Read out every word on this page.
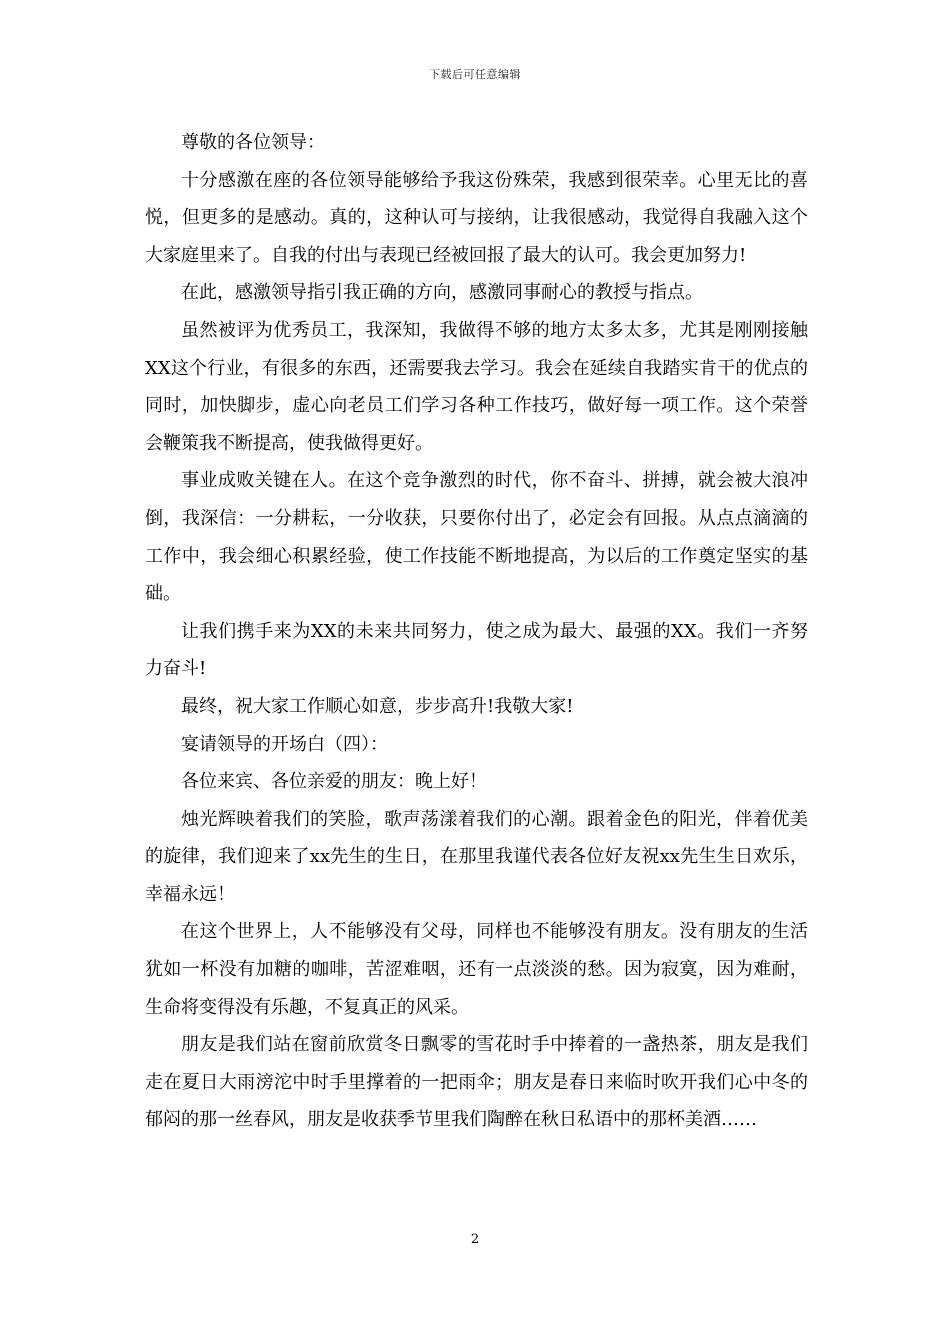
下载后可任意编辑

尊敬的各位领导：

十分感激在座的各位领导能够给予我这份殊荣，我感到很荣幸。心里无比的喜悦，但更多的是感动。真的，这种认可与接纳，让我很感动，我觉得自我融入这个大家庭里来了。自我的付出与表现已经被回报了最大的认可。我会更加努力!

在此，感激领导指引我正确的方向，感激同事耐心的教授与指点。

虽然被评为优秀员工，我深知，我做得不够的地方太多太多，尤其是刚刚接触XX这个行业，有很多的东西，还需要我去学习。我会在延续自我踏实肯干的优点的同时，加快脚步，虚心向老员工们学习各种工作技巧，做好每一项工作。这个荣誉会鞭策我不断提高，使我做得更好。

事业成败关键在人。在这个竞争激烈的时代，你不奋斗、拼搏，就会被大浪冲倒，我深信：一分耕耘，一分收获，只要你付出了，必定会有回报。从点点滴滴的工作中，我会细心积累经验，使工作技能不断地提高，为以后的工作奠定坚实的基础。

让我们携手来为XX的未来共同努力，使之成为最大、最强的XX。我们一齐努力奋斗!

最终，祝大家工作顺心如意，步步高升!我敬大家!

宴请领导的开场白（四）：

各位来宾、各位亲爱的朋友：晚上好！

烛光辉映着我们的笑脸，歌声荡漾着我们的心潮。跟着金色的阳光，伴着优美的旋律，我们迎来了xx先生的生日，在那里我谨代表各位好友祝xx先生生日欢乐，幸福永远！

在这个世界上，人不能够没有父母，同样也不能够没有朋友。没有朋友的生活犹如一杯没有加糖的咖啡，苦涩难咽，还有一点淡淡的愁。因为寂寞，因为难耐，生命将变得没有乐趣，不复真正的风采。

朋友是我们站在窗前欣赏冬日飘零的雪花时手中捧着的一盏热茶，朋友是我们走在夏日大雨滂沱中时手里撑着的一把雨伞；朋友是春日来临时吹开我们心中冬的郁闷的那一丝春风，朋友是收获季节里我们陶醉在秋日私语中的那杯美酒……

2
